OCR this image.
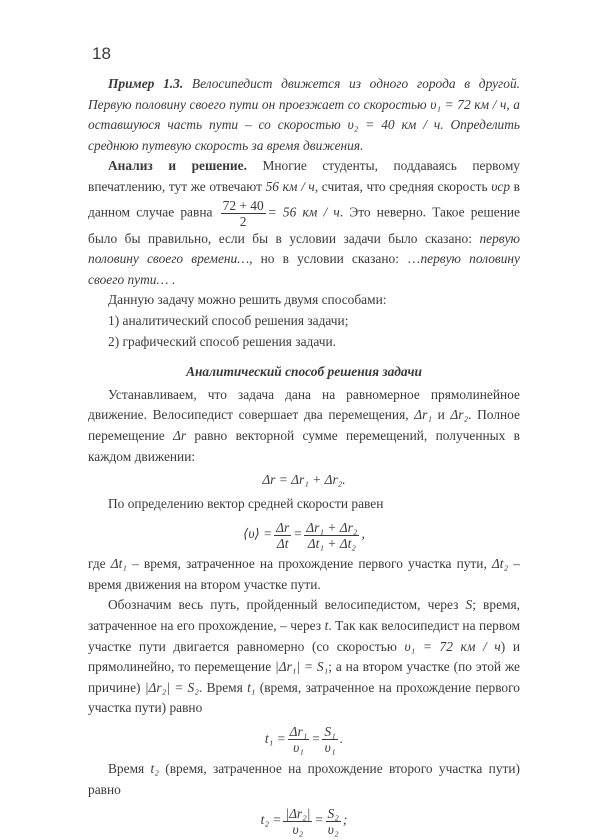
18

Пример 1.3. Велосипедист движется из одного города в другой. Первую половину своего пути он проезжает со скоростью υ₁ = 72 км / ч, а оставшуюся часть пути – со скоростью υ₂ = 40 км / ч. Определить среднюю путевую скорость за время движения.

Анализ и решение. Многие студенты, поддаваясь первому впечатлению, тут же отвечают 56 км / ч, считая, что средняя скорость υср в данном случае равна $\frac{72 + 40}{2} = 56$ км / ч. Это неверно. Такое решение было бы правильно, если бы в условии задачи было сказано: первую половину своего времени…, но в условии сказано: …первую половину своего пути… .

Данную задачу можно решить двумя способами:

1) аналитический способ решения задачи;

2) графический способ решения задачи.

Аналитический способ решения задачи

Устанавливаем, что задача дана на равномерное прямолинейное движение. Велосипедист совершает два перемещения, Δr₁ и Δr₂. Полное перемещение Δr равно векторной сумме перемещений, полученных в каждом движении:

Δr = Δr₁ + Δr₂.

По определению вектор средней скорости равен

⟨υ⟩ = $\frac{\Delta r}{\Delta t} = \frac{\text{Δr₁ + Δr₂}}{\text{Δt₁ + Δt₂}}$ ,

где Δt₁ – время, затраченное на прохождение первого участка пути, Δt₂ – время движения на втором участке пути.

Обозначим весь путь, пройденный велосипедистом, через S; время, затраченное на его прохождение, – через t. Так как велосипедист на первом участке пути двигается равномерно (со скоростью υ₁ = 72 км / ч) и прямолинейно, то перемещение |Δr₁| = S₁; а на втором участке (по этой же причине) |Δr₂| = S₂. Время t₁ (время, затраченное на прохождение первого участка пути) равно

$t_1 = \frac{\text{Δr₁}}{\text{υ₁}} = \frac{\text{S₁}}{\text{υ₁}}$ .

Время t₂ (время, затраченное на прохождение второго участка пути) равно

$t_2 = \frac{\text{|Δr₂|}}{\text{υ₂}} = \frac{\text{S₂}}{\text{υ₂}}$ ;
